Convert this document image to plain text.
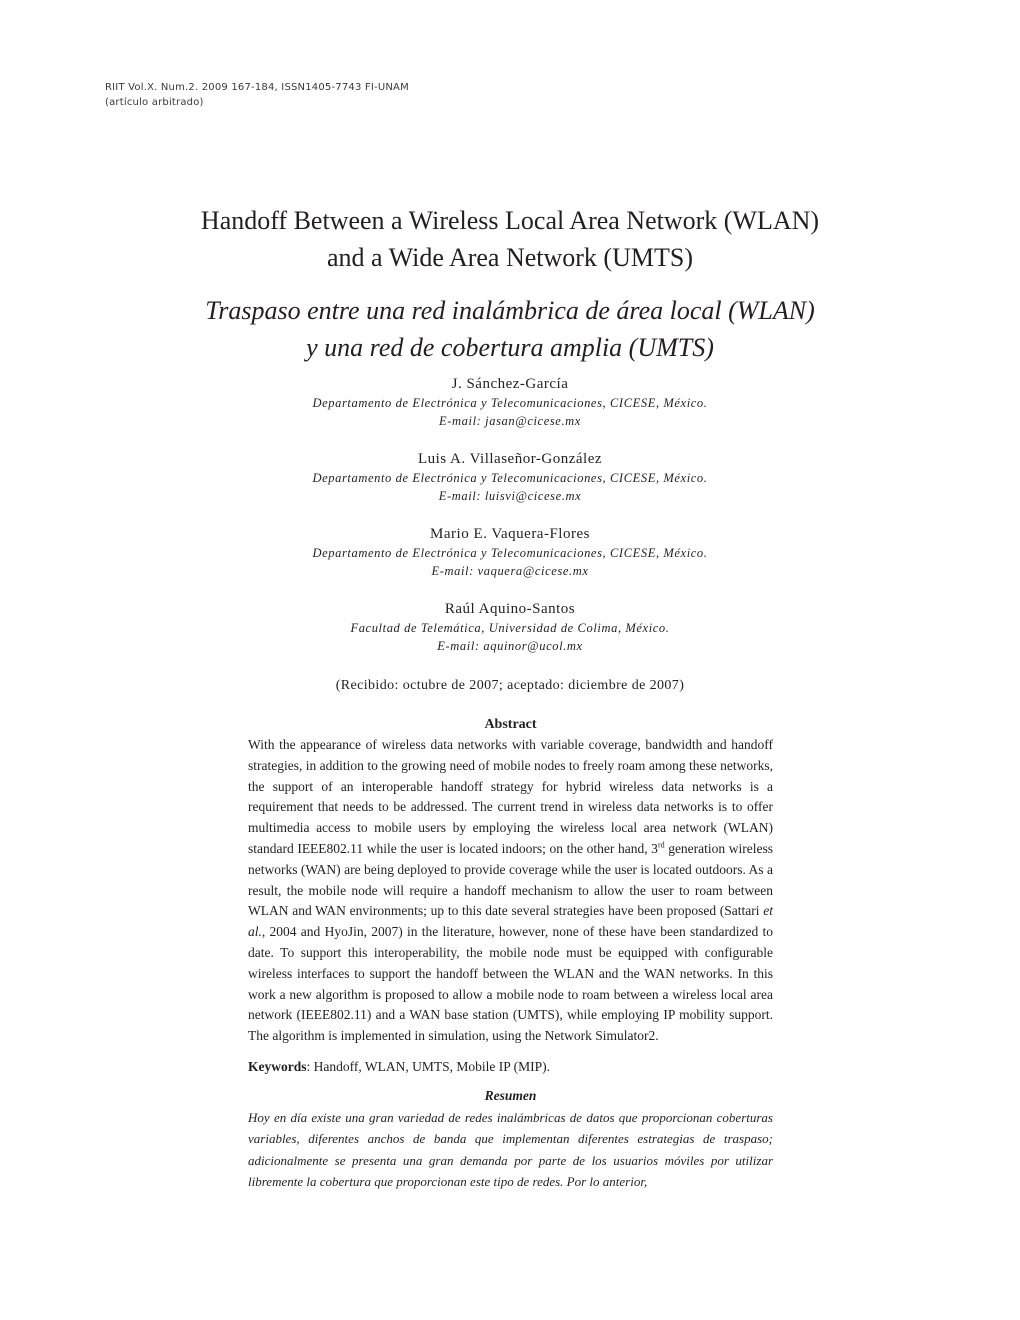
RIIT Vol.X. Num.2. 2009 167-184, ISSN1405-7743 FI-UNAM
(artículo arbitrado)
Handoff Between a Wireless Local Area Network (WLAN)
and a Wide Area Network (UMTS)
Traspaso entre una red inalámbrica de área local (WLAN)
y una red de cobertura amplia (UMTS)
J. Sánchez-García
Departamento de Electrónica y Telecomunicaciones, CICESE, México.
E-mail: jasan@cicese.mx
Luis A. Villaseñor-González
Departamento de Electrónica y Telecomunicaciones, CICESE, México.
E-mail: luisvi@cicese.mx
Mario E. Vaquera-Flores
Departamento de Electrónica y Telecomunicaciones, CICESE, México.
E-mail: vaquera@cicese.mx
Raúl Aquino-Santos
Facultad de Telemática, Universidad de Colima, México.
E-mail: aquinor@ucol.mx
(Recibido: octubre de 2007; aceptado: diciembre de 2007)
Abstract

With the appearance of wireless data networks with variable coverage, bandwidth and handoff strategies, in addition to the growing need of mobile nodes to freely roam among these networks, the support of an interoperable handoff strategy for hybrid wireless data networks is a requirement that needs to be addressed. The current trend in wireless data networks is to offer multimedia access to mobile users by employing the wireless local area network (WLAN) standard IEEE802.11 while the user is located indoors; on the other hand, 3rd generation wireless networks (WAN) are being deployed to provide coverage while the user is located outdoors. As a result, the mobile node will require a handoff mechanism to allow the user to roam between WLAN and WAN environments; up to this date several strategies have been proposed (Sattari et al., 2004 and HyoJin, 2007) in the literature, however, none of these have been standardized to date. To support this interoperability, the mobile node must be equipped with configurable wireless interfaces to support the handoff between the WLAN and the WAN networks. In this work a new algorithm is proposed to allow a mobile node to roam between a wireless local area network (IEEE802.11) and a WAN base station (UMTS), while employing IP mobility support. The algorithm is implemented in simulation, using the Network Simulator2.

Keywords: Handoff, WLAN, UMTS, Mobile IP (MIP).
Resumen

Hoy en día existe una gran variedad de redes inalámbricas de datos que proporcionan coberturas variables, diferentes anchos de banda que implementan diferentes estrategias de traspaso; adicionalmente se presenta una gran demanda por parte de los usuarios móviles por utilizar libremente la cobertura que proporcionan este tipo de redes. Por lo anterior,
